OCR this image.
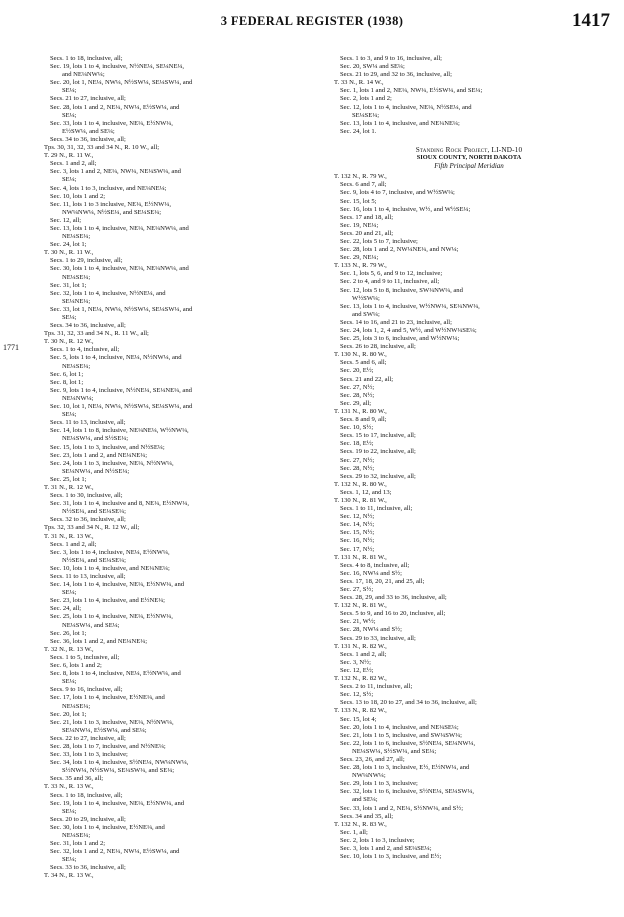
3 FEDERAL REGISTER (1938)	1417
1771
Secs. 1 to 18, inclusive, all;
Sec. 19, lots 1 to 4, inclusive, N½NE¼, SE¼NE¼,
and NE¼NW¼;
Sec. 20, lot 1, NE¼, NW¼, N½SW¼, SE¼SW¼, and
SE¼;
Secs. 21 to 27, inclusive, all;
Sec. 28, lots 1 and 2, NE¼, NW¼, E½SW¼, and
SE¼;
Sec. 33, lots 1 to 4, inclusive, NE¼, E½NW¼,
E½SW¼, and SE¼;
Secs. 34 to 36, inclusive, all;
Tps. 30, 31, 32, 33 and 34 N., R. 10 W., all;
T. 29 N., R. 11 W.,
Secs. 1 and 2, all;
Sec. 3, lots 1 and 2, NE¼, NW¼, NE¼SW¼, and
SE¼;
Sec. 4, lots 1 to 3, inclusive, and NE¼NE¼;
Sec. 10, lots 1 and 2;
Sec. 11, lots 1 to 3 inclusive, NE¼, E½NW¼,
NW¼NW¼, N½SE¼, and SE¼SE¼;
Sec. 12, all;
Sec. 13, lots 1 to 4, inclusive, NE¼, NE¼NW¼, and
NE¼SE¼;
Sec. 24, lot 1;
T. 30 N., R. 11 W.,
Secs. 1 to 29, inclusive, all;
Sec. 30, lots 1 to 4, inclusive, NE¼, NE¼NW¼, and
NE¼SE¼;
Sec. 31, lot 1;
Sec. 32, lots 1 to 4, inclusive, N½NE¼, and
SE¼NE¼;
Sec. 33, lot 1, NE¼, NW¼, N½SW¼, SE¼SW¼, and
SE¼;
Secs. 34 to 36, inclusive, all;
Tps. 31, 32, 33 and 34 N., R. 11 W., all;
T. 30 N., R. 12 W.,
Secs. 1 to 4, inclusive, all;
Sec. 5, lots 1 to 4, inclusive, NE¼, N½NW¼, and
NE¼SE¼;
Sec. 6, lot 1;
Sec. 8, lot 1;
Sec. 9, lots 1 to 4, inclusive, N½NE¼, SE¼NE¼, and
NE¼NW¼;
Sec. 10, lot 1, NE¼, NW¼, N½SW¼, SE¼SW¼, and
SE¼;
Secs. 11 to 13, inclusive, all;
Sec. 14, lots 1 to 8, inclusive, NE¼NE¼, W½NW¼,
NE¼SW¼, and S½SE¼;
Sec. 15, lots 1 to 3, inclusive, and N½SE¼;
Sec. 23, lots 1 and 2, and NE¼NE¼;
Sec. 24, lots 1 to 3, inclusive, NE¼, N½NW¼,
SE¼NW¼, and N½SE¼;
Sec. 25, lot 1;
T. 31 N., R. 12 W.,
Secs. 1 to 30, inclusive, all;
Sec. 31, lots 1 to 4, inclusive and 8, NE¼, E½NW¼,
N½SE¼, and SE¼SE¼;
Secs. 32 to 36, inclusive, all;
Tps. 32, 33 and 34 N., R. 12 W., all;
T. 31 N., R. 13 W.,
Secs. 1 and 2, all;
Sec. 3, lots 1 to 4, inclusive, NE¼, E½NW¼,
N½SE¼, and SE¼SE¼;
Sec. 10, lots 1 to 4, inclusive, and NE¼NE¼;
Secs. 11 to 13, inclusive, all;
Sec. 14, lots 1 to 4, inclusive, NE¼, E½NW¼, and
SE¼;
Sec. 23, lots 1 to 4, inclusive, and E½NE¼;
Sec. 24, all;
Sec. 25, lots 1 to 4, inclusive, NE¼, E½NW¼,
NE¼SW¼, and SE¼;
Sec. 26, lot 1;
Sec. 36, lots 1 and 2, and NE¼NE¼;
T. 32 N., R. 13 W.,
Secs. 1 to 5, inclusive, all;
Sec. 6, lots 1 and 2;
Sec. 8, lots 1 to 4, inclusive, NE¼, E½NW¼, and
SE¼;
Secs. 9 to 16, inclusive, all;
Sec. 17, lots 1 to 4, inclusive, E½NE¼, and
NE¼SE¼;
Sec. 20, lot 1;
Sec. 21, lots 1 to 3, inclusive, NE¼, N½NW¼,
SE¼NW¼, E½SW¼, and SE¼;
Secs. 22 to 27, inclusive, all;
Sec. 28, lots 1 to 7, inclusive, and N½NE¼;
Sec. 33, lots 1 to 3, inclusive;
Sec. 34, lots 1 to 4, inclusive, S½NE¼, NW¼NW¼,
S½NW¼, N½SW¼, SE¼SW¼, and SE¼;
Secs. 35 and 36, all;
T. 33 N., R. 13 W.,
Secs. 1 to 18, inclusive, all;
Sec. 19, lots 1 to 4, inclusive, NE¼, E½NW¼, and
SE¼;
Secs. 20 to 29, inclusive, all;
Sec. 30, lots 1 to 4, inclusive, E½NE¼, and
NE¼SE¼;
Sec. 31, lots 1 and 2;
Sec. 32, lots 1 and 2, NE¼, NW¼, E½SW¼, and
SE¼;
Secs. 33 to 36, inclusive, all;
T. 34 N., R. 13 W.,
Secs. 1 to 3, and 9 to 16, inclusive, all;
Sec. 20, SW¼ and SE¼;
Secs. 21 to 29, and 32 to 36, inclusive, all;
T. 33 N., R. 14 W.,
Sec. 1, lots 1 and 2, NE¼, NW¼, E½SW¼, and SE¼;
Sec. 2, lots 1 and 2;
Sec. 12, lots 1 to 4, inclusive, NE¼, N½SE¼, and
SE¼SE¼;
Sec. 13, lots 1 to 4, inclusive, and NE¼NE¼;
Sec. 24, lot 1.
Standing Rock Project, LI-ND-10
SIOUX COUNTY, NORTH DAKOTA
Fifth Principal Meridian
T. 132 N., R. 79 W.,
Secs. 6 and 7, all;
Sec. 9, lots 4 to 7, inclusive, and W½SW¼;
Sec. 15, lot 5;
Sec. 16, lots 1 to 4, inclusive, W½, and W½SE¼;
Secs. 17 and 18, all;
Sec. 19, NE¼;
Secs. 20 and 21, all;
Sec. 22, lots 5 to 7, inclusive;
Sec. 28, lots 1 and 2, NW¼NE¼, and NW¼;
Sec. 29, NE¼;
T. 133 N., R. 79 W.,
Sec. 1, lots 5, 6, and 9 to 12, inclusive;
Sec. 2 to 4, and 9 to 11, inclusive, all;
Sec. 12, lots 5 to 8, inclusive, SW¼NW¼, and
W½SW¼;
Sec. 13, lots 1 to 4, inclusive, W½NW¼, SE¼NW¼,
and SW¼;
Secs. 14 to 16, and 21 to 23, inclusive, all;
Sec. 24, lots 1, 2, 4 and 5, W½, and W½NW¼SE¼;
Sec. 25, lots 3 to 6, inclusive, and W½NW¼;
Secs. 26 to 28, inclusive, all;
T. 130 N., R. 80 W.,
Secs. 5 and 6, all;
Sec. 20, E½;
Secs. 21 and 22, all;
Sec. 27, N½;
Sec. 28, N½;
Sec. 29, all;
T. 131 N., R. 80 W.,
Secs. 8 and 9, all;
Sec. 10, S½;
Secs. 15 to 17, inclusive, all;
Sec. 18, E½;
Secs. 19 to 22, inclusive, all;
Sec. 27, N½;
Sec. 28, N½;
Secs. 29 to 32, inclusive, all;
T. 132 N., R. 80 W.,
Secs. 1, 12, and 13;
T. 130 N., R. 81 W.,
Secs. 1 to 11, inclusive, all;
Sec. 12, N½;
Sec. 14, N½;
Sec. 15, N½;
Sec. 16, N½;
Sec. 17, N½;
T. 131 N., R. 81 W.,
Secs. 4 to 8, inclusive, all;
Sec. 16, NW¼ and S½;
Secs. 17, 18, 20, 21, and 25, all;
Sec. 27, S½;
Secs. 28, 29, and 33 to 36, inclusive, all;
T. 132 N., R. 81 W.,
Secs. 5 to 9, and 16 to 20, inclusive, all;
Sec. 21, W½;
Sec. 28, NW¼ and S½;
Secs. 29 to 33, inclusive, all;
T. 131 N., R. 82 W.,
Secs. 1 and 2, all;
Sec. 3, N½;
Sec. 12, E½;
T. 132 N., R. 82 W.,
Secs. 2 to 11, inclusive, all;
Sec. 12, S½;
Secs. 13 to 18, 20 to 27, and 34 to 36, inclusive, all;
T. 133 N., R. 82 W.,
Sec. 15, lot 4;
Sec. 20, lots 1 to 4, inclusive, and NE¼SE¼;
Sec. 21, lots 1 to 5, inclusive, and SW¼SW¼;
Sec. 22, lots 1 to 6, inclusive, S½NE¼, SE¼NW¼,
NE¼SW¼, S½SW¼, and SE¼;
Secs. 23, 26, and 27, all;
Sec. 28, lots 1 to 3, inclusive, E½, E½NW¼, and
NW¼NW¼;
Sec. 29, lots 1 to 3, inclusive;
Sec. 32, lots 1 to 6, inclusive, S½NE¼, SE¼SW¼,
and SE¼;
Sec. 33, lots 1 and 2, NE¼, S½NW¼, and S½;
Secs. 34 and 35, all;
T. 132 N., R. 83 W.,
Sec. 1, all;
Sec. 2, lots 1 to 3, inclusive;
Sec. 3, lots 1 and 2, and SE¼SE¼;
Sec. 10, lots 1 to 3, inclusive, and E½;
